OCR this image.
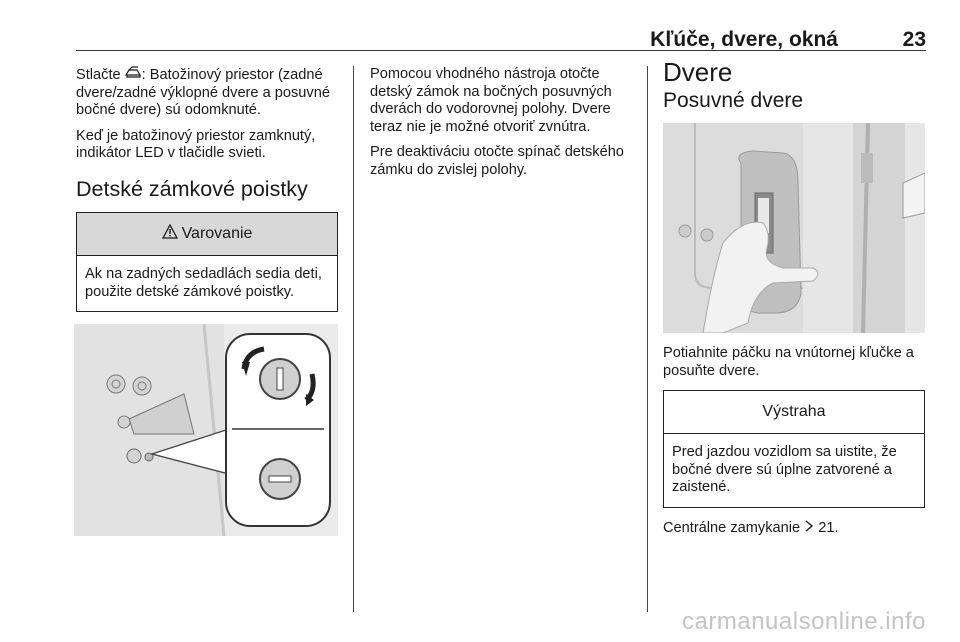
Kľúče, dvere, okná	23

Stlačte : Batožinový priestor (zadné dvere/zadné výklopné dvere a posuvné bočné dvere) sú odomknuté.

Keď je batožinový priestor zamknutý, indikátor LED v tlačidle svieti.

Detské zámkové poistky
Varovanie
Ak na zadných sedadlách sedia deti, použite detské zámkové poistky.

Pomocou vhodného nástroja otočte detský zámok na bočných posuvných dverách do vodorovnej polohy. Dvere teraz nie je možné otvoriť zvnútra.

Pre deaktiváciu otočte spínač detského zámku do zvislej polohy.

Dvere
Posuvné dvere

Potiahnite páčku na vnútornej kľučke a posuňte dvere.

Výstraha
Pred jazdou vozidlom sa uistite, že bočné dvere sú úplne zatvorené a zaistené.

Centrálne zamykanie  21.

carmanualsonline.info
